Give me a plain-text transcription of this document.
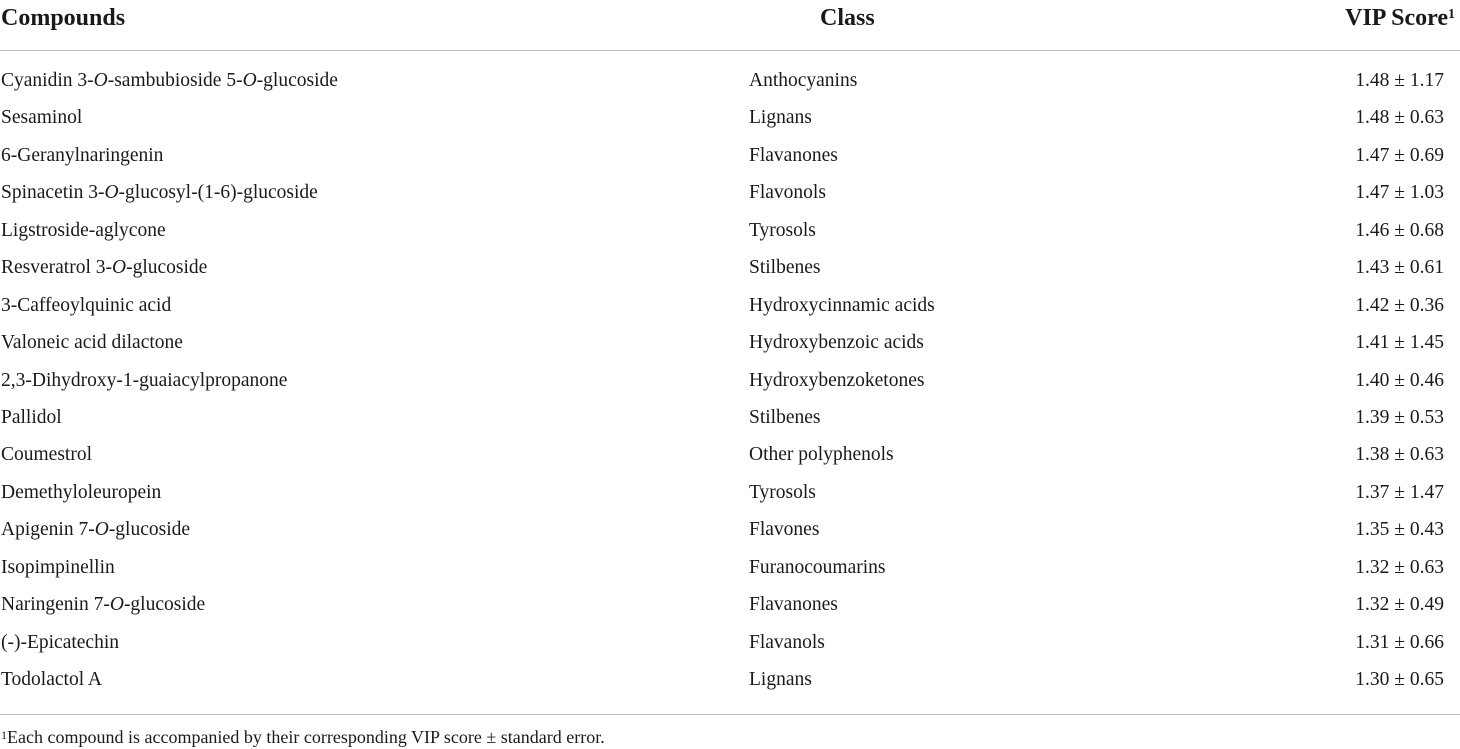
Compounds	Class	VIP Score$^1$
Cyanidin 3-O-sambubioside 5-O-glucoside	Anthocyanins	1.48 ± 1.17
Sesaminol	Lignans	1.48 ± 0.63
6-Geranylnaringenin	Flavanones	1.47 ± 0.69
Spinacetin 3-O-glucosyl-(1-6)-glucoside	Flavonols	1.47 ± 1.03
Ligstroside-aglycone	Tyrosols	1.46 ± 0.68
Resveratrol 3-O-glucoside	Stilbenes	1.43 ± 0.61
3-Caffeoylquinic acid	Hydroxycinnamic acids	1.42 ± 0.36
Valoneic acid dilactone	Hydroxybenzoic acids	1.41 ± 1.45
2,3-Dihydroxy-1-guaiacylpropanone	Hydroxybenzoketones	1.40 ± 0.46
Pallidol	Stilbenes	1.39 ± 0.53
Coumestrol	Other polyphenols	1.38 ± 0.63
Demethyloleuropein	Tyrosols	1.37 ± 1.47
Apigenin 7-O-glucoside	Flavones	1.35 ± 0.43
Isopimpinellin	Furanocoumarins	1.32 ± 0.63
Naringenin 7-O-glucoside	Flavanones	1.32 ± 0.49
(-)-Epicatechin	Flavanols	1.31 ± 0.66
Todolactol A	Lignans	1.30 ± 0.65
$^1$Each compound is accompanied by their corresponding VIP score ± standard error.
